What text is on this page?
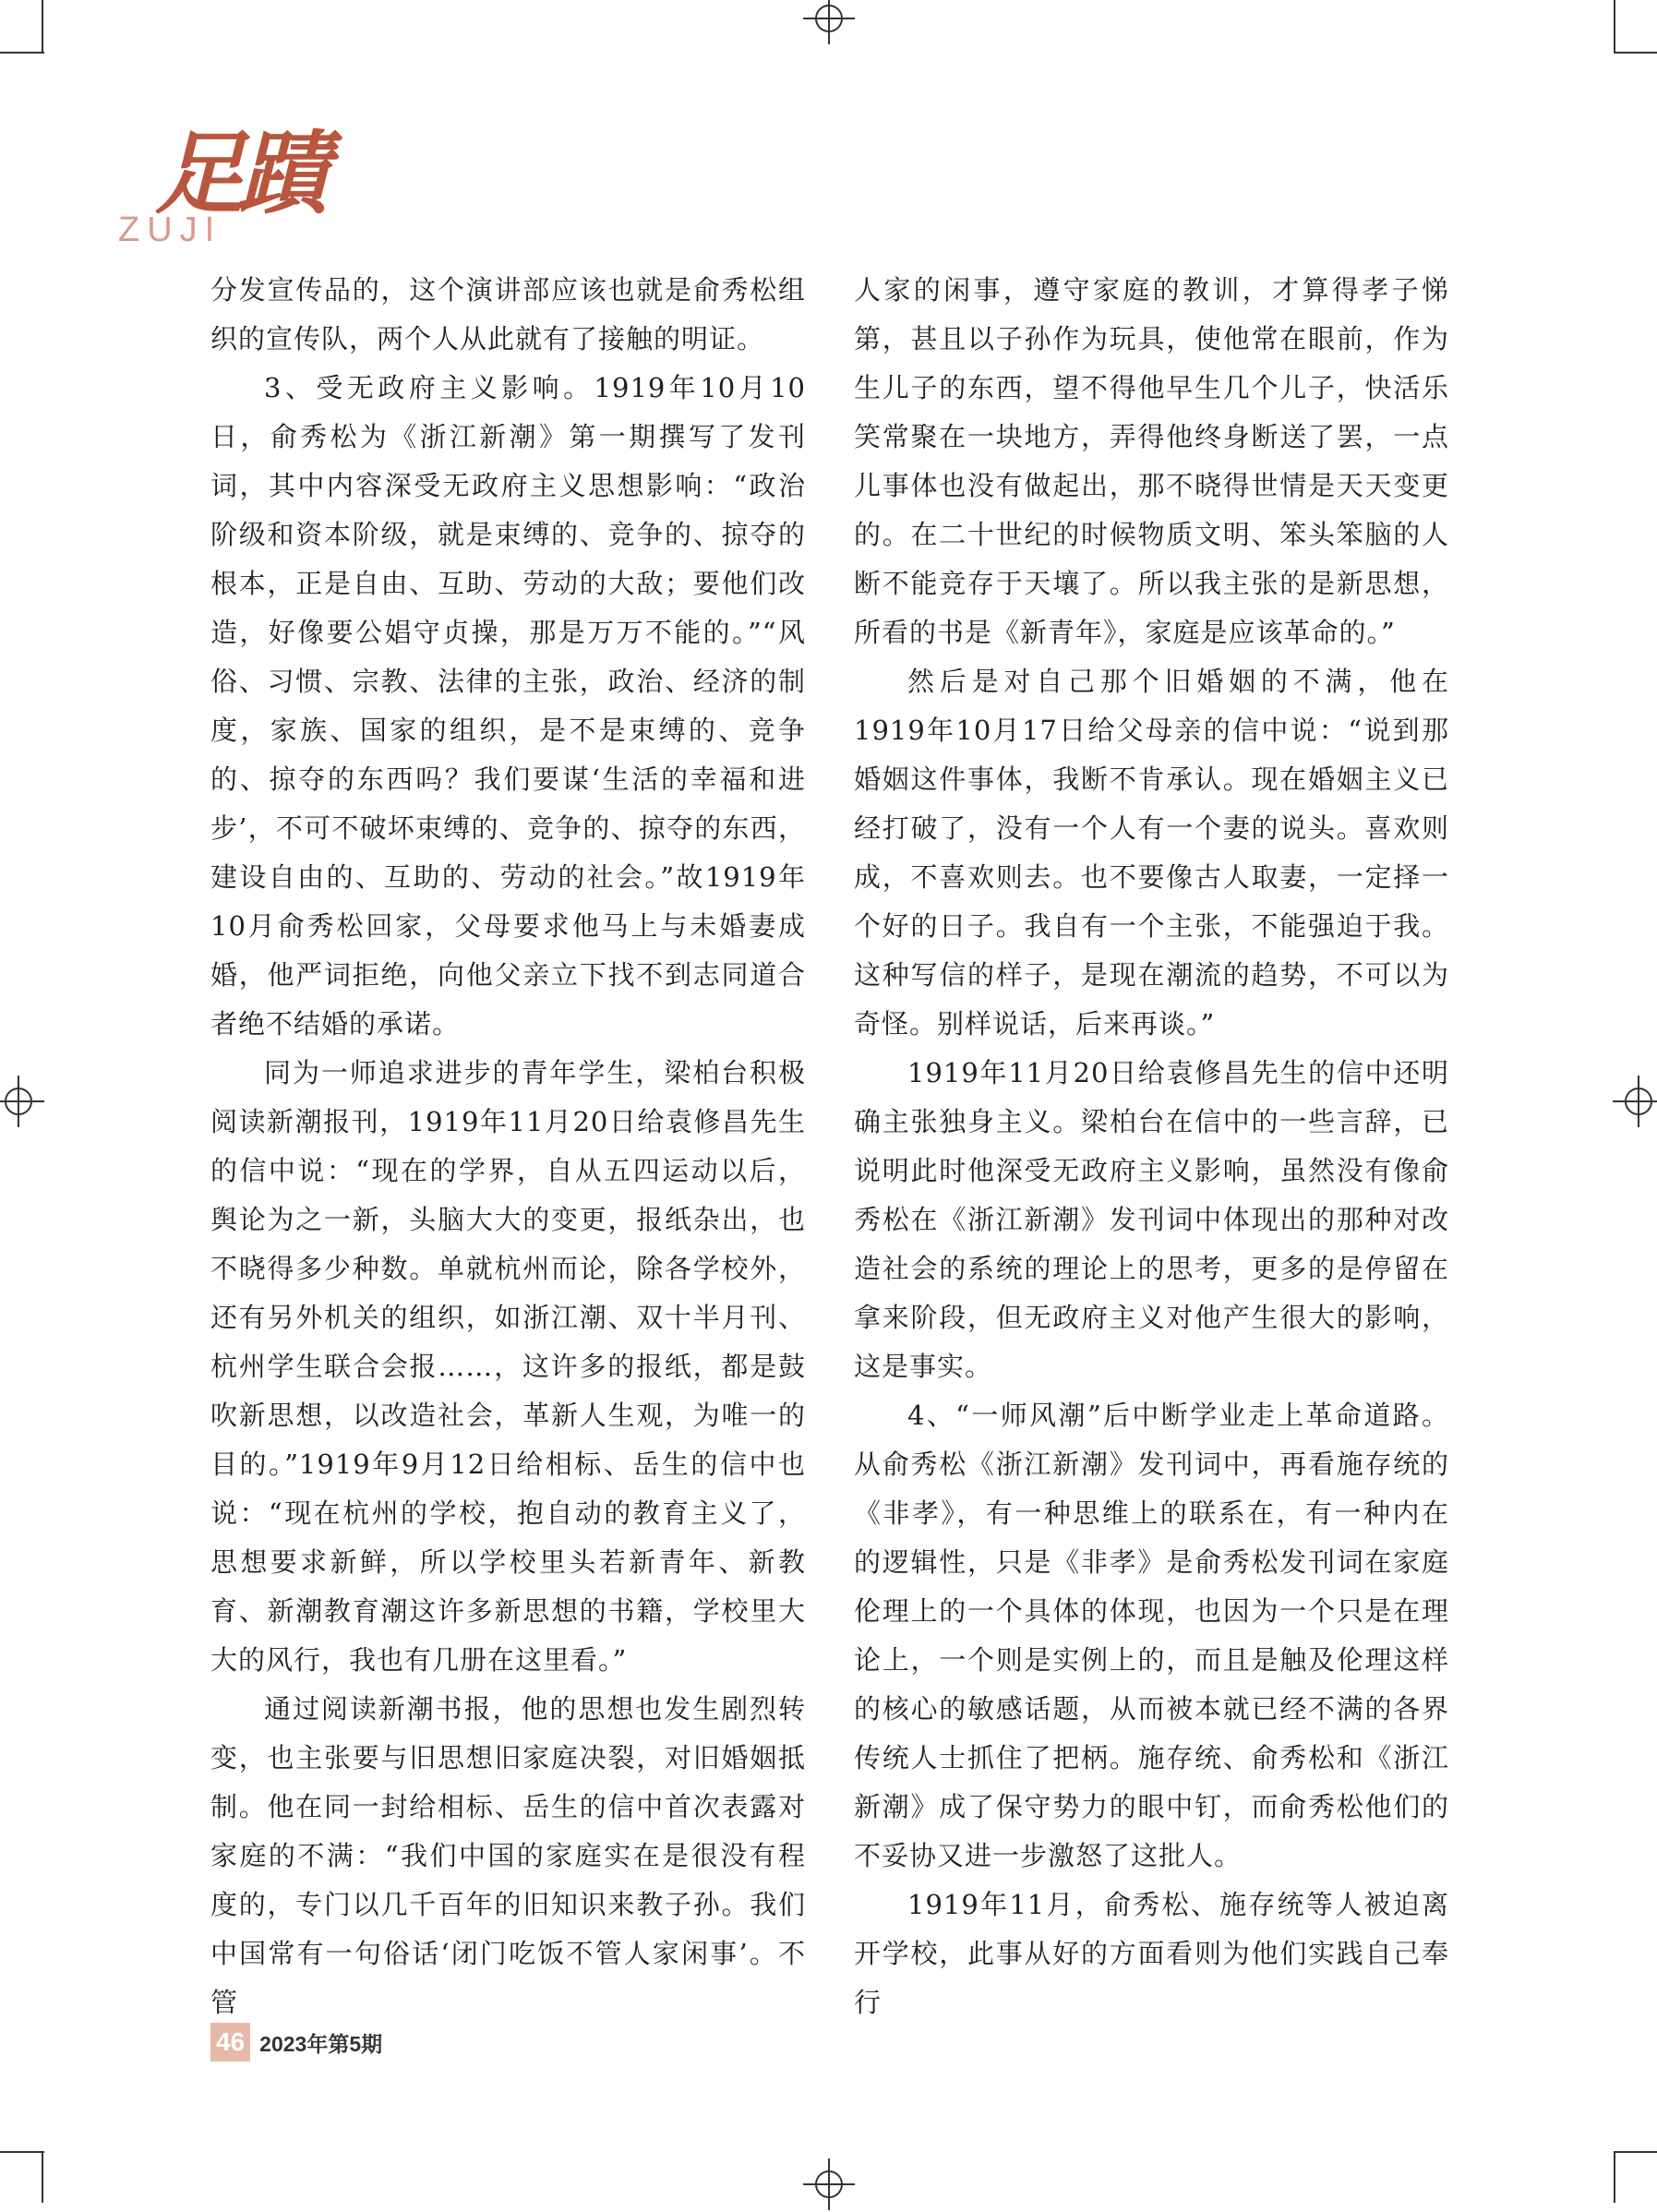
足蹟
ZUJI

分发宣传品的，这个演讲部应该也就是俞秀松组织的宣传队，两个人从此就有了接触的明证。

3、受无政府主义影响。1919年10月10日，俞秀松为《浙江新潮》第一期撰写了发刊词，其中内容深受无政府主义思想影响：“政治阶级和资本阶级，就是束缚的、竞争的、掠夺的根本，正是自由、互助、劳动的大敌；要他们改造，好像要公娼守贞操，那是万万不能的。”“风俗、习惯、宗教、法律的主张，政治、经济的制度，家族、国家的组织，是不是束缚的、竞争的、掠夺的东西吗？我们要谋‘生活的幸福和进步’，不可不破坏束缚的、竞争的、掠夺的东西，建设自由的、互助的、劳动的社会。”故1919年10月俞秀松回家，父母要求他马上与未婚妻成婚，他严词拒绝，向他父亲立下找不到志同道合者绝不结婚的承诺。

同为一师追求进步的青年学生，梁柏台积极阅读新潮报刊，1919年11月20日给袁修昌先生的信中说：“现在的学界，自从五四运动以后，舆论为之一新，头脑大大的变更，报纸杂出，也不晓得多少种数。单就杭州而论，除各学校外，还有另外机关的组织，如浙江潮、双十半月刊、杭州学生联合会报……，这许多的报纸，都是鼓吹新思想，以改造社会，革新人生观，为唯一的目的。”1919年9月12日给相标、岳生的信中也说：“现在杭州的学校，抱自动的教育主义了，思想要求新鲜，所以学校里头若新青年、新教育、新潮教育潮这许多新思想的书籍，学校里大大的风行，我也有几册在这里看。”

通过阅读新潮书报，他的思想也发生剧烈转变，也主张要与旧思想旧家庭决裂，对旧婚姻抵制。他在同一封给相标、岳生的信中首次表露对家庭的不满：“我们中国的家庭实在是很没有程度的，专门以几千百年的旧知识来教子孙。我们中国常有一句俗话‘闭门吃饭不管人家闲事’。不管

人家的闲事，遵守家庭的教训，才算得孝子悌第，甚且以子孙作为玩具，使他常在眼前，作为生儿子的东西，望不得他早生几个儿子，快活乐笑常聚在一块地方，弄得他终身断送了罢，一点儿事体也没有做起出，那不晓得世情是天天变更的。在二十世纪的时候物质文明、笨头笨脑的人断不能竞存于天壤了。所以我主张的是新思想，所看的书是《新青年》，家庭是应该革命的。”

然后是对自己那个旧婚姻的不满，他在1919年10月17日给父母亲的信中说：“说到那婚姻这件事体，我断不肯承认。现在婚姻主义已经打破了，没有一个人有一个妻的说头。喜欢则成，不喜欢则去。也不要像古人取妻，一定择一个好的日子。我自有一个主张，不能强迫于我。这种写信的样子，是现在潮流的趋势，不可以为奇怪。别样说话，后来再谈。”

1919年11月20日给袁修昌先生的信中还明确主张独身主义。梁柏台在信中的一些言辞，已说明此时他深受无政府主义影响，虽然没有像俞秀松在《浙江新潮》发刊词中体现出的那种对改造社会的系统的理论上的思考，更多的是停留在拿来阶段，但无政府主义对他产生很大的影响，这是事实。

4、“一师风潮”后中断学业走上革命道路。从俞秀松《浙江新潮》发刊词中，再看施存统的《非孝》，有一种思维上的联系在，有一种内在的逻辑性，只是《非孝》是俞秀松发刊词在家庭伦理上的一个具体的体现，也因为一个只是在理论上，一个则是实例上的，而且是触及伦理这样的核心的敏感话题，从而被本就已经不满的各界传统人士抓住了把柄。施存统、俞秀松和《浙江新潮》成了保守势力的眼中钉，而俞秀松他们的不妥协又进一步激怒了这批人。

1919年11月，俞秀松、施存统等人被迫离开学校，此事从好的方面看则为他们实践自己奉行

46 2023年第5期
